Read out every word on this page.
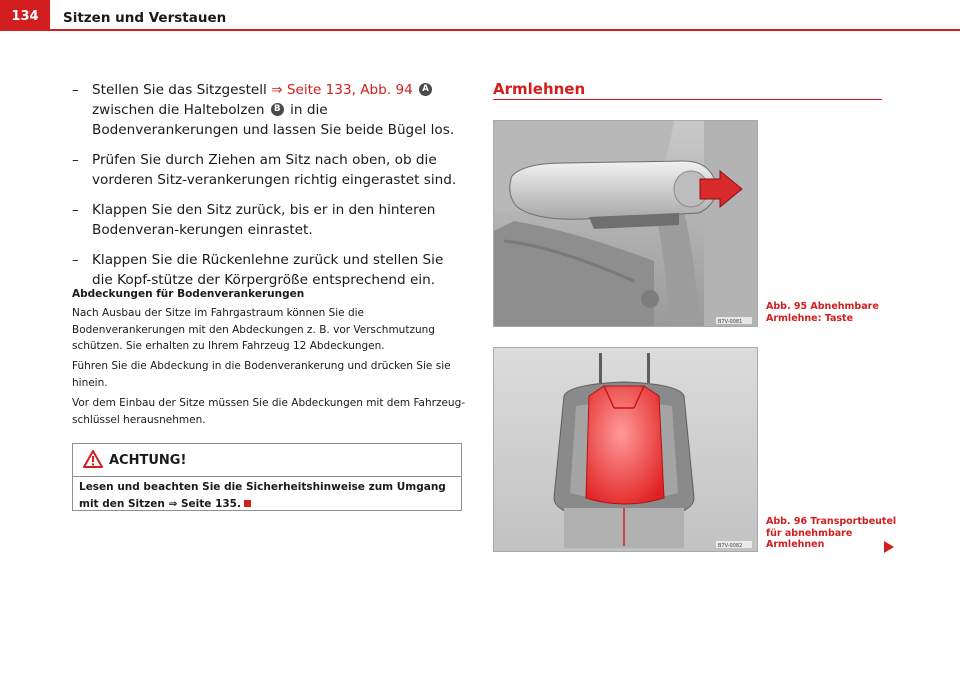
134	Sitzen und Verstauen
– Stellen Sie das Sitzgestell ⇒ Seite 133, Abb. 94 A zwischen die Haltebolzen B in die Bodenverankerungen und lassen Sie beide Bügel los.
– Prüfen Sie durch Ziehen am Sitz nach oben, ob die vorderen Sitz-verankerungen richtig eingerastet sind.
– Klappen Sie den Sitz zurück, bis er in den hinteren Bodenveran-kerungen einrastet.
– Klappen Sie die Rückenlehne zurück und stellen Sie die Kopf-stütze der Körpergröße entsprechend ein.
Abdeckungen für Bodenverankerungen
Nach Ausbau der Sitze im Fahrgastraum können Sie die Bodenverankerungen mit den Abdeckungen z. B. vor Verschmutzung schützen. Sie erhalten zu Ihrem Fahrzeug 12 Abdeckungen.
Führen Sie die Abdeckung in die Bodenverankerung und drücken Sie sie hinein.
Vor dem Einbau der Sitze müssen Sie die Abdeckungen mit dem Fahrzeug-schlüssel herausnehmen.
ACHTUNG!
Lesen und beachten Sie die Sicherheitshinweise zum Umgang mit den Sitzen ⇒ Seite 135.
Armlehnen
B7V-0081
Abb. 95 Abnehmbare
Armlehne: Taste
B7V-0082
Abb. 96 Transportbeutel
für abnehmbare
Armlehnen
